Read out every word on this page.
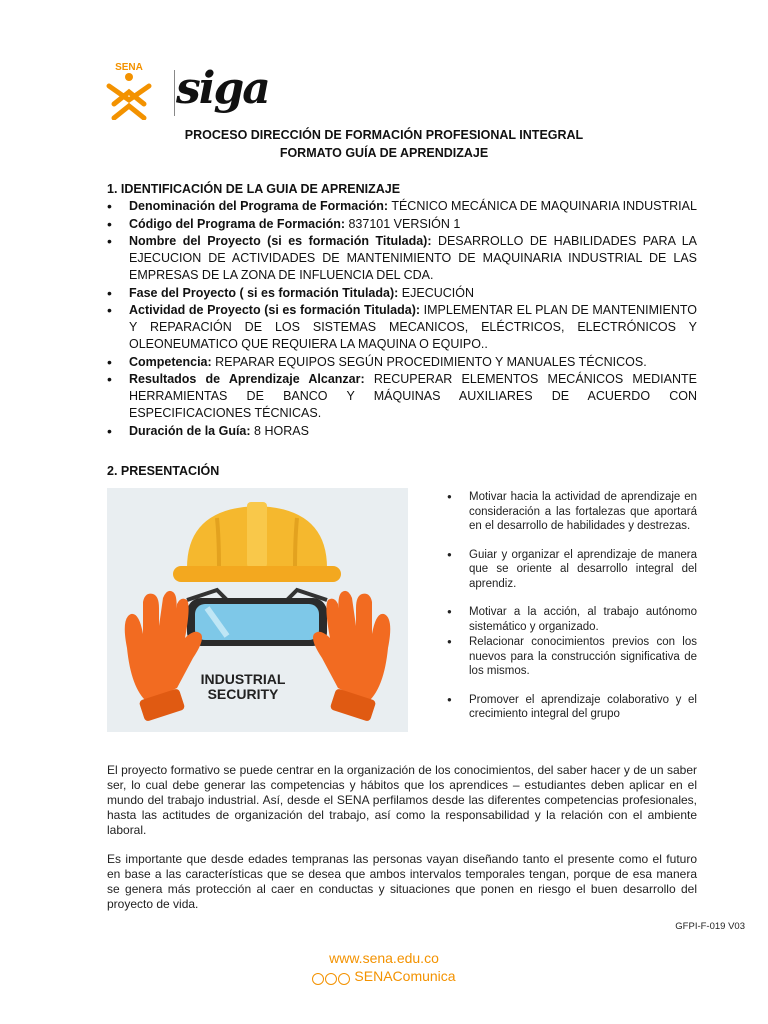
SENA siga
PROCESO DIRECCIÓN DE FORMACIÓN PROFESIONAL INTEGRAL
FORMATO GUÍA DE APRENDIZAJE
1. IDENTIFICACIÓN DE LA GUIA DE APRENIZAJE
• Denominación del Programa de Formación: TÉCNICO MECÁNICA DE MAQUINARIA INDUSTRIAL
• Código del Programa de Formación: 837101 VERSIÓN 1
• Nombre del Proyecto (si es formación Titulada): DESARROLLO DE HABILIDADES PARA LA EJECUCION DE ACTIVIDADES DE MANTENIMIENTO DE MAQUINARIA INDUSTRIAL DE LAS EMPRESAS DE LA ZONA DE INFLUENCIA DEL CDA.
• Fase del Proyecto ( si es formación Titulada): EJECUCIÓN
• Actividad de Proyecto (si es formación Titulada): IMPLEMENTAR EL PLAN DE MANTENIMIENTO Y REPARACIÓN DE LOS SISTEMAS MECANICOS, ELÉCTRICOS, ELECTRÓNICOS Y OLEONEUMATICO QUE REQUIERA LA MAQUINA O EQUIPO..
• Competencia: REPARAR EQUIPOS SEGÚN PROCEDIMIENTO Y MANUALES TÉCNICOS.
• Resultados de Aprendizaje Alcanzar: RECUPERAR ELEMENTOS MECÁNICOS MEDIANTE HERRAMIENTAS DE BANCO Y MÁQUINAS AUXILIARES DE ACUERDO CON ESPECIFICACIONES TÉCNICAS.
• Duración de la Guía: 8 HORAS
2. PRESENTACIÓN
INDUSTRIAL
SECURITY
● Motivar hacia la actividad de aprendizaje en consideración a las fortalezas que aportará en el desarrollo de habilidades y destrezas.
● Guiar y organizar el aprendizaje de manera que se oriente al desarrollo integral del aprendiz.
● Motivar a la acción, al trabajo autónomo sistemático y organizado.
● Relacionar conocimientos previos con los nuevos para la construcción significativa de los mismos.
● Promover el aprendizaje colaborativo y el crecimiento integral del grupo

El proyecto formativo se puede centrar en la organización de los conocimientos, del saber hacer y de un saber ser, lo cual debe generar las competencias y hábitos que los aprendices – estudiantes deben aplicar en el mundo del trabajo industrial. Así, desde el SENA perfilamos desde las diferentes competencias profesionales, hasta las actitudes de organización del trabajo, así como la responsabilidad y la relación con el ambiente laboral.

Es importante que desde edades tempranas las personas vayan diseñando tanto el presente como el futuro en base a las características que se desea que ambos intervalos temporales tengan, porque de esa manera se genera más protección al caer en conductas y situaciones que ponen en riesgo el buen desarrollo del proyecto de vida.

GFPI-F-019 V03
www.sena.edu.co
SENAComunica
